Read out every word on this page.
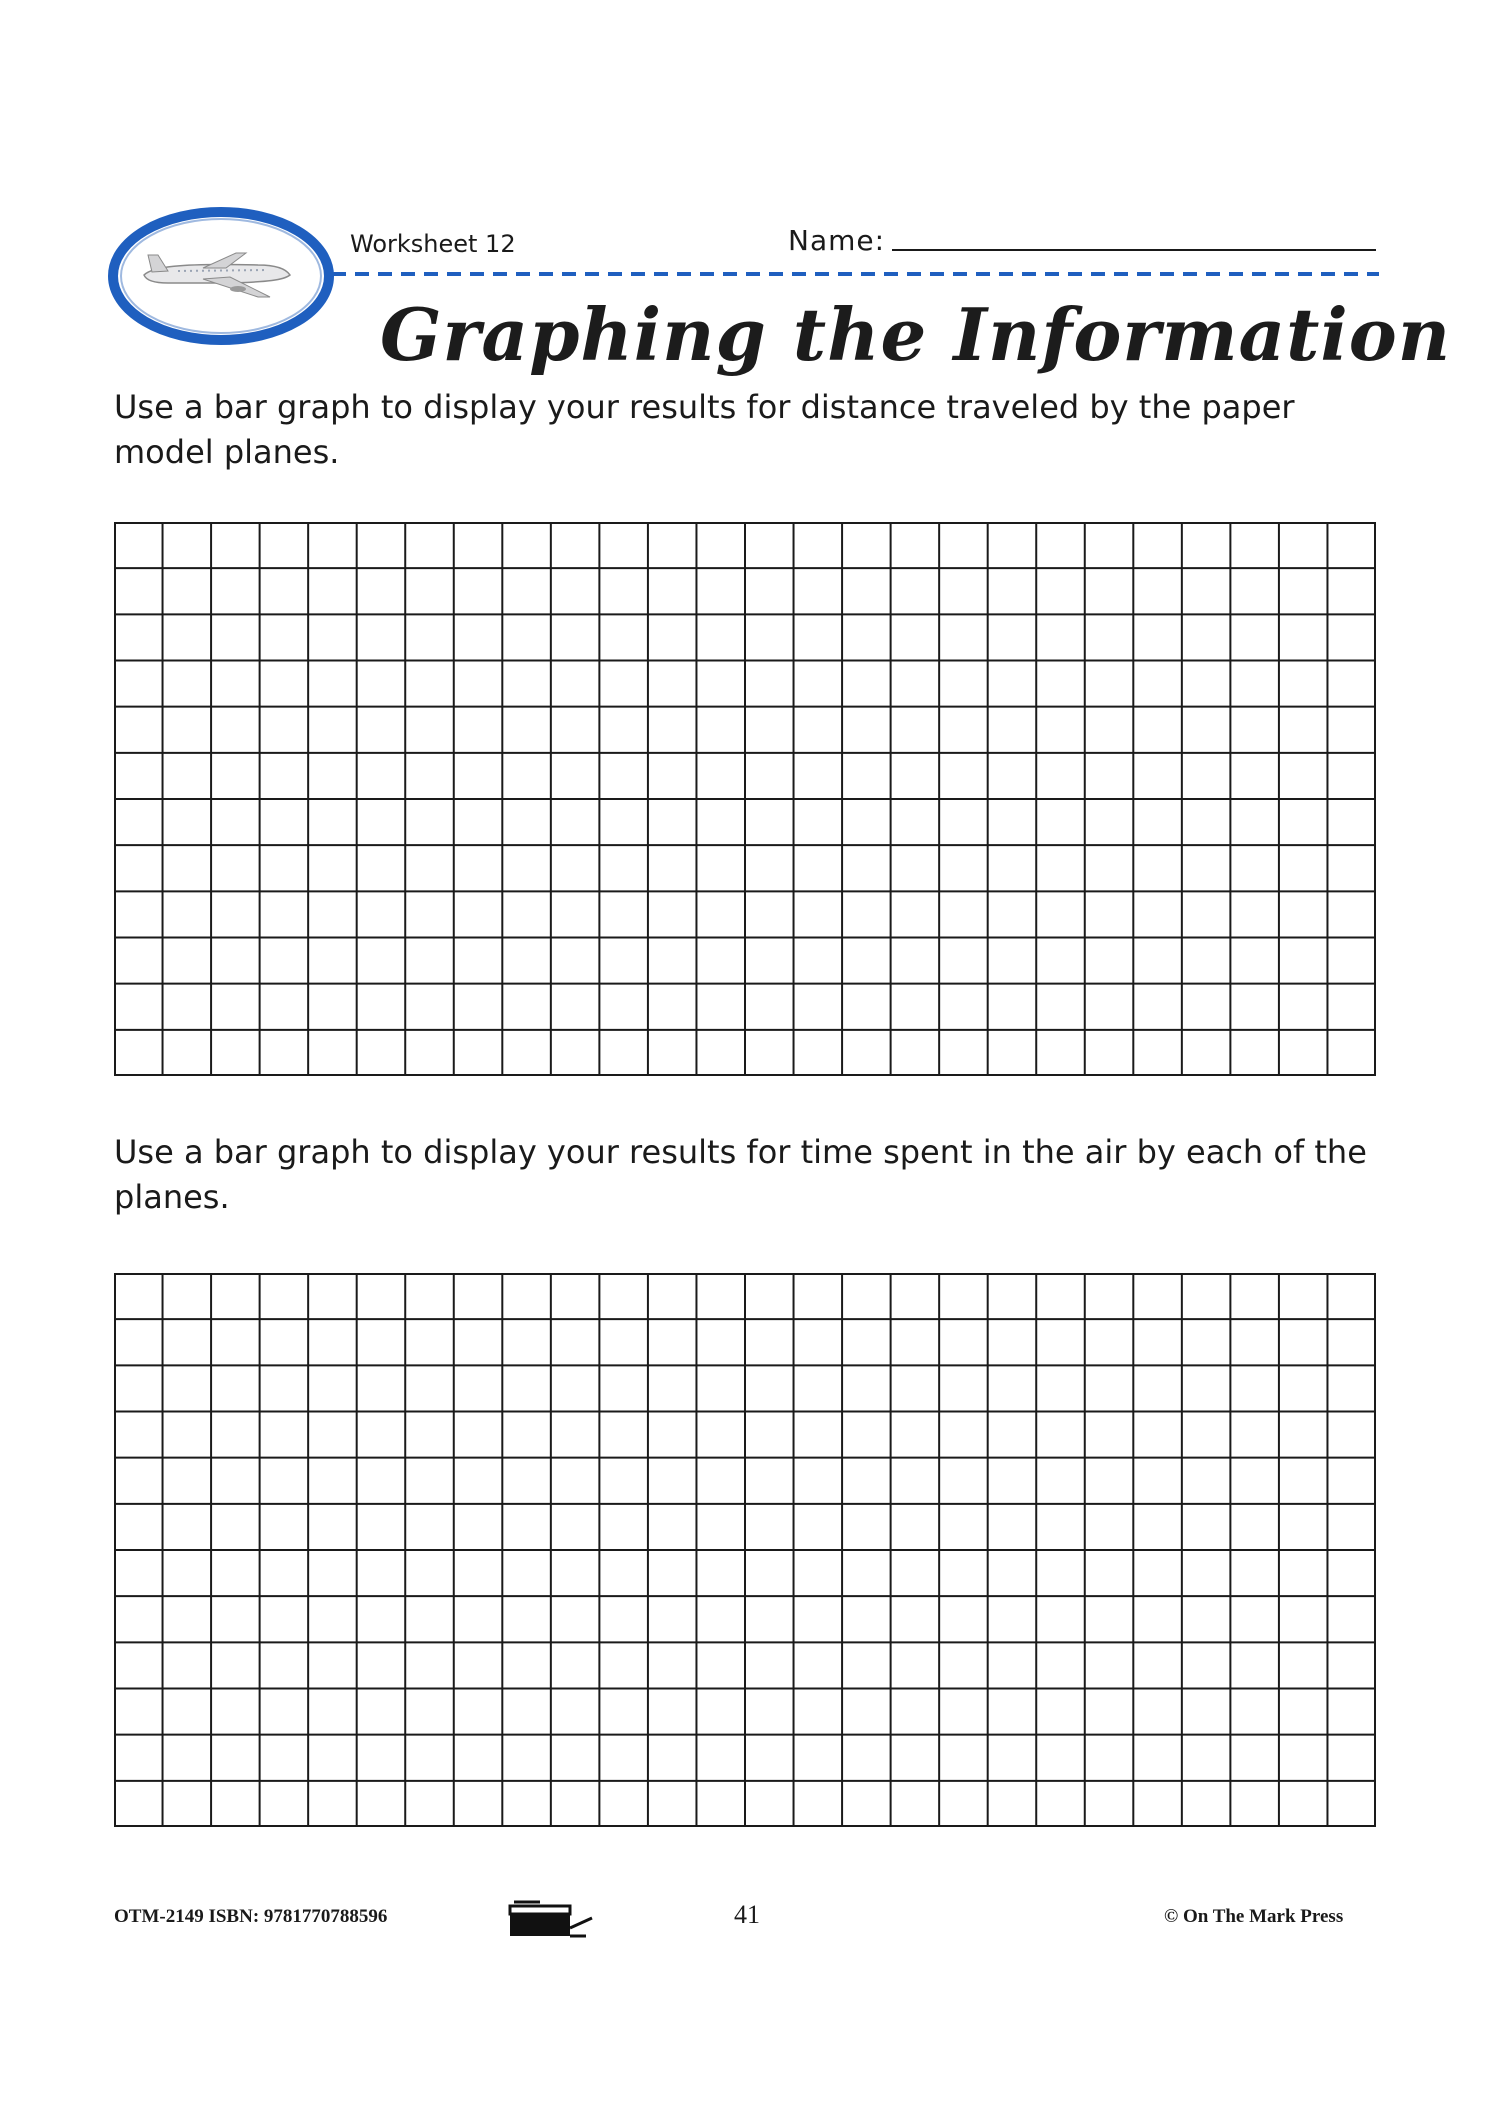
Worksheet 12	Name:
Graphing the Information
Use a bar graph to display your results for distance traveled by the paper model planes.
Use a bar graph to display your results for time spent in the air by each of the planes.
OTM-2149 ISBN: 9781770788596	41	© On The Mark Press
